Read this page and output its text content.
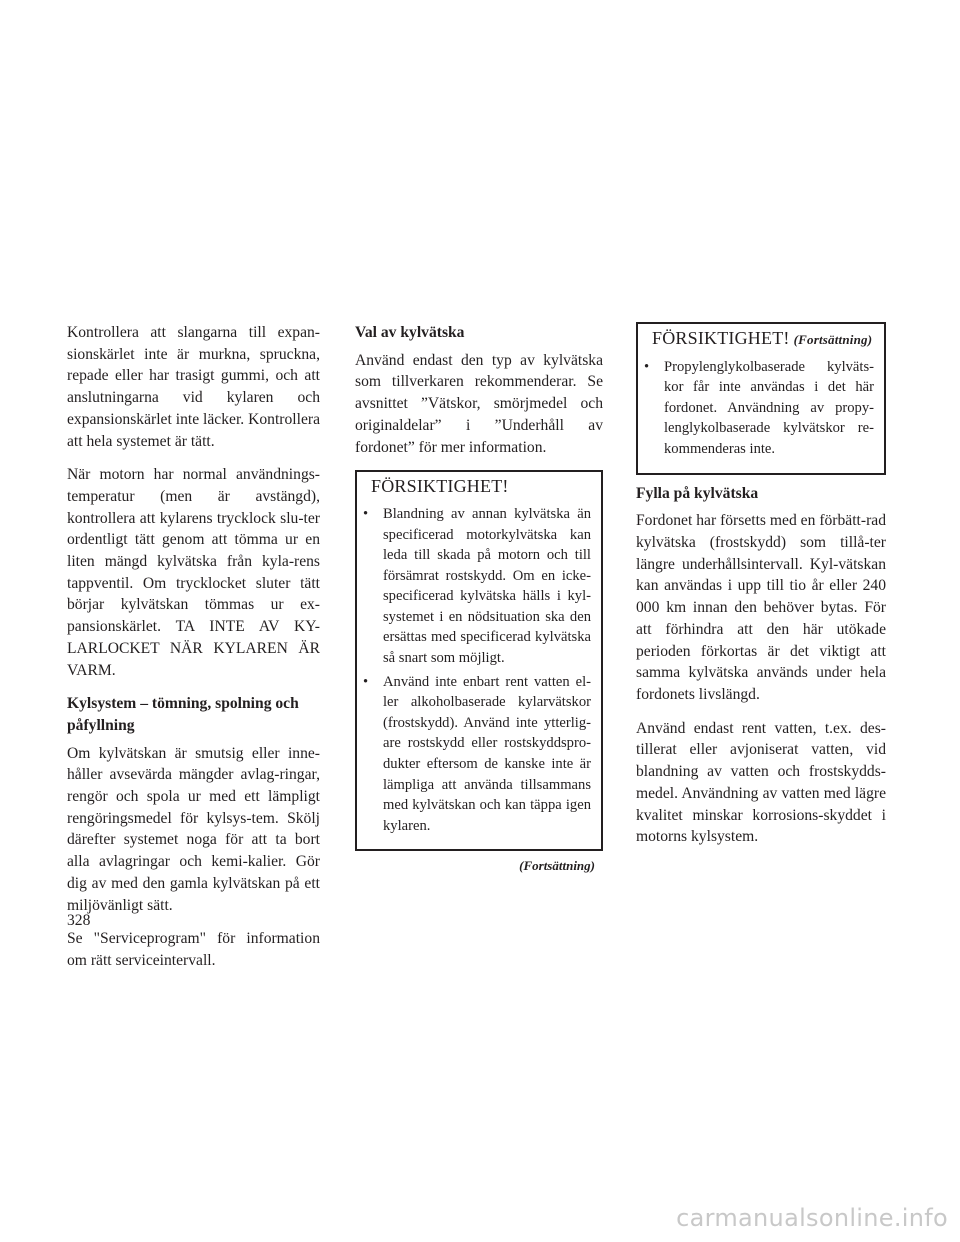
Kontrollera att slangarna till expan-sionskärlet inte är murkna, spruckna, repade eller har trasigt gummi, och att anslutningarna vid kylaren och expansionskärlet inte läcker. Kontrollera att hela systemet är tätt.

När motorn har normal användnings-temperatur (men är avstängd), kontrollera att kylarens trycklock slu-ter ordentligt tätt genom att tömma ur en liten mängd kylvätska från kyla-rens tappventil. Om trycklocket sluter tätt börjar kylvätskan tömmas ur ex-pansionskärlet. TA INTE AV KY-LARLOCKET NÄR KYLAREN ÄR VARM.

Kylsystem – tömning, spolning och påfyllning

Om kylvätskan är smutsig eller inne-håller avsevärda mängder avlag-ringar, rengör och spola ur med ett lämpligt rengöringsmedel för kylsys-tem. Skölj därefter systemet noga för att ta bort alla avlagringar och kemi-kalier. Gör dig av med den gamla kylvätskan på ett miljövänligt sätt.

Se "Serviceprogram" för information om rätt serviceintervall.

Val av kylvätska

Använd endast den typ av kylvätska som tillverkaren rekommenderar. Se avsnittet ”Vätskor, smörjmedel och originaldelar” i ”Underhåll av fordonet” för mer information.

FÖRSIKTIGHET!
• Blandning av annan kylvätska än specificerad motorkylvätska kan leda till skada på motorn och till försämrat rostskydd. Om en icke-specificerad kylvätska hälls i kyl-systemet i en nödsituation ska den ersättas med specificerad kylvätska så snart som möjligt.
• Använd inte enbart rent vatten el-ler alkoholbaserade kylarvätskor (frostskydd). Använd inte ytterlig-are rostskydd eller rostskyddspro-dukter eftersom de kanske inte är lämpliga att använda tillsammans med kylvätskan och kan täppa igen kylaren.
(Fortsättning)
FÖRSIKTIGHET! (Fortsättning)
• Propylenglykolbaserade kylväts-kor får inte användas i det här fordonet. Användning av propy-lenglykolbaserade kylvätskor re-kommenderas inte.
Fylla på kylvätska

Fordonet har försetts med en förbätt-rad kylvätska (frostskydd) som tillå-ter längre underhållsintervall. Kyl-vätskan kan användas i upp till tio år eller 240 000 km innan den behöver bytas. För att förhindra att den här utökade perioden förkortas är det viktigt att samma kylvätska används under hela fordonets livslängd.

Använd endast rent vatten, t.ex. des-tillerat eller avjoniserat vatten, vid blandning av vatten och frostskydds-medel. Användning av vatten med lägre kvalitet minskar korrosions-skyddet i motorns kylsystem.

328
carmanualsonline.info
